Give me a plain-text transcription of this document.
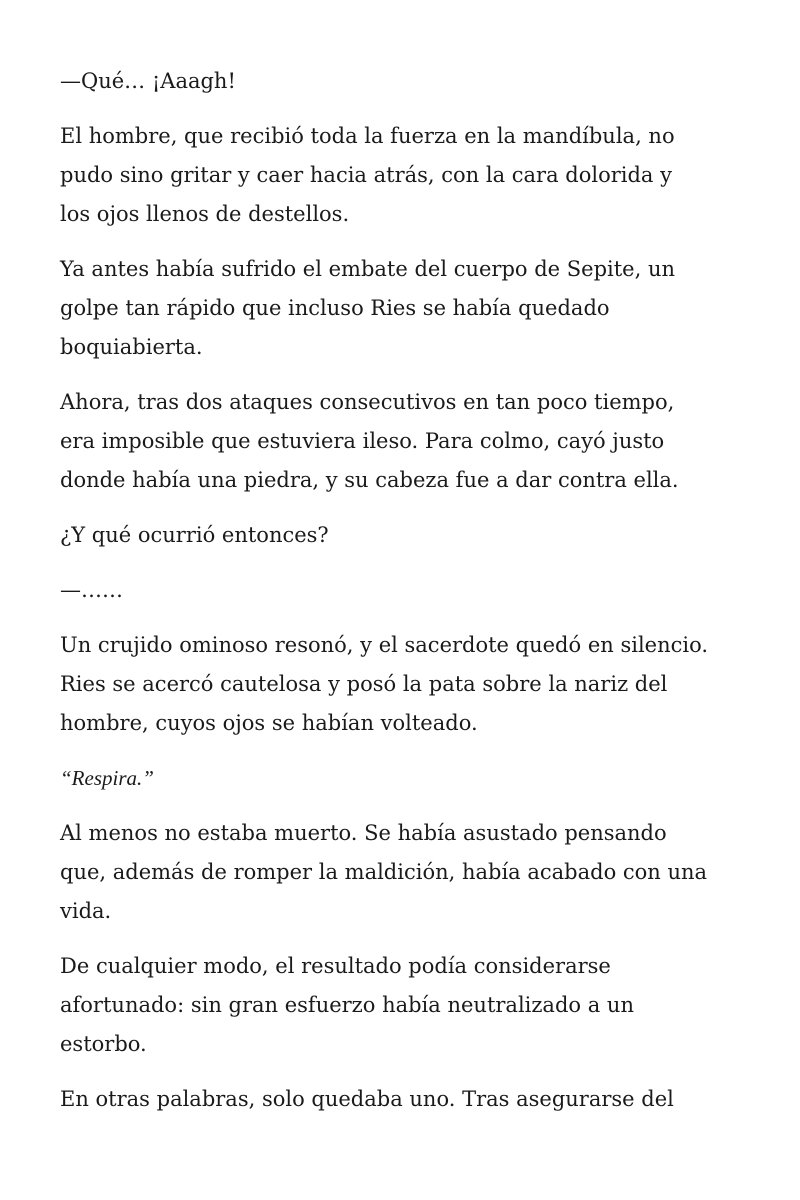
—Qué… ¡Aaagh!

El hombre, que recibió toda la fuerza en la mandíbula, no
pudo sino gritar y caer hacia atrás, con la cara dolorida y
los ojos llenos de destellos.

Ya antes había sufrido el embate del cuerpo de Sepite, un
golpe tan rápido que incluso Ries se había quedado
boquiabierta.

Ahora, tras dos ataques consecutivos en tan poco tiempo,
era imposible que estuviera ileso. Para colmo, cayó justo
donde había una piedra, y su cabeza fue a dar contra ella.

¿Y qué ocurrió entonces?

—……

Un crujido ominoso resonó, y el sacerdote quedó en silencio.
Ries se acercó cautelosa y posó la pata sobre la nariz del
hombre, cuyos ojos se habían volteado.

“Respira.”

Al menos no estaba muerto. Se había asustado pensando
que, además de romper la maldición, había acabado con una
vida.

De cualquier modo, el resultado podía considerarse
afortunado: sin gran esfuerzo había neutralizado a un
estorbo.

En otras palabras, solo quedaba uno. Tras asegurarse del
